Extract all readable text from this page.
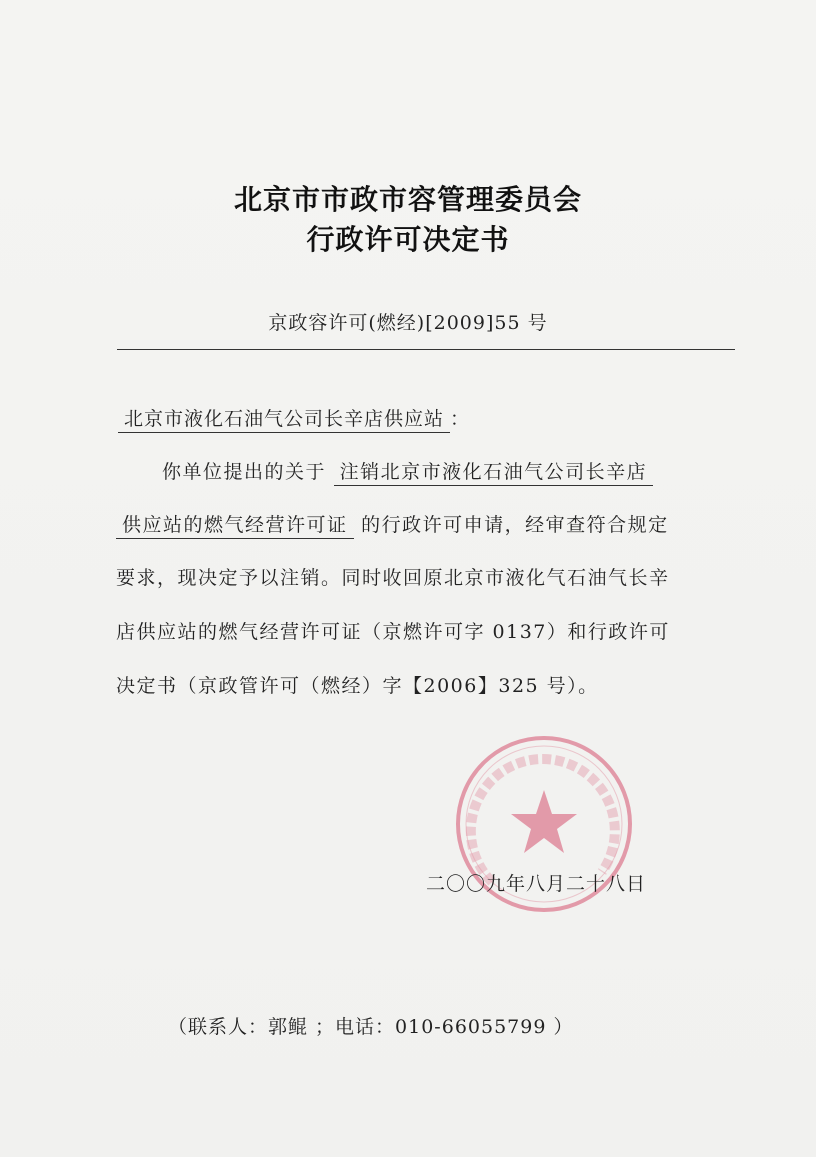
北京市市政市容管理委员会
行政许可决定书
京政容许可(燃经)[2009]55 号
北京市液化石油气公司长辛店供应站 ：
你单位提出的关于 注销北京市液化石油气公司长辛店
供应站的燃气经营许可证 的行政许可申请，经审查符合规定
要求，现决定予以注销。同时收回原北京市液化气石油气长辛
店供应站的燃气经营许可证（京燃许可字 0137）和行政许可
决定书（京政管许可（燃经）字【2006】325 号）。
二〇〇九年八月二十八日
（联系人：郭鲲 ；电话：010-66055799 ）
